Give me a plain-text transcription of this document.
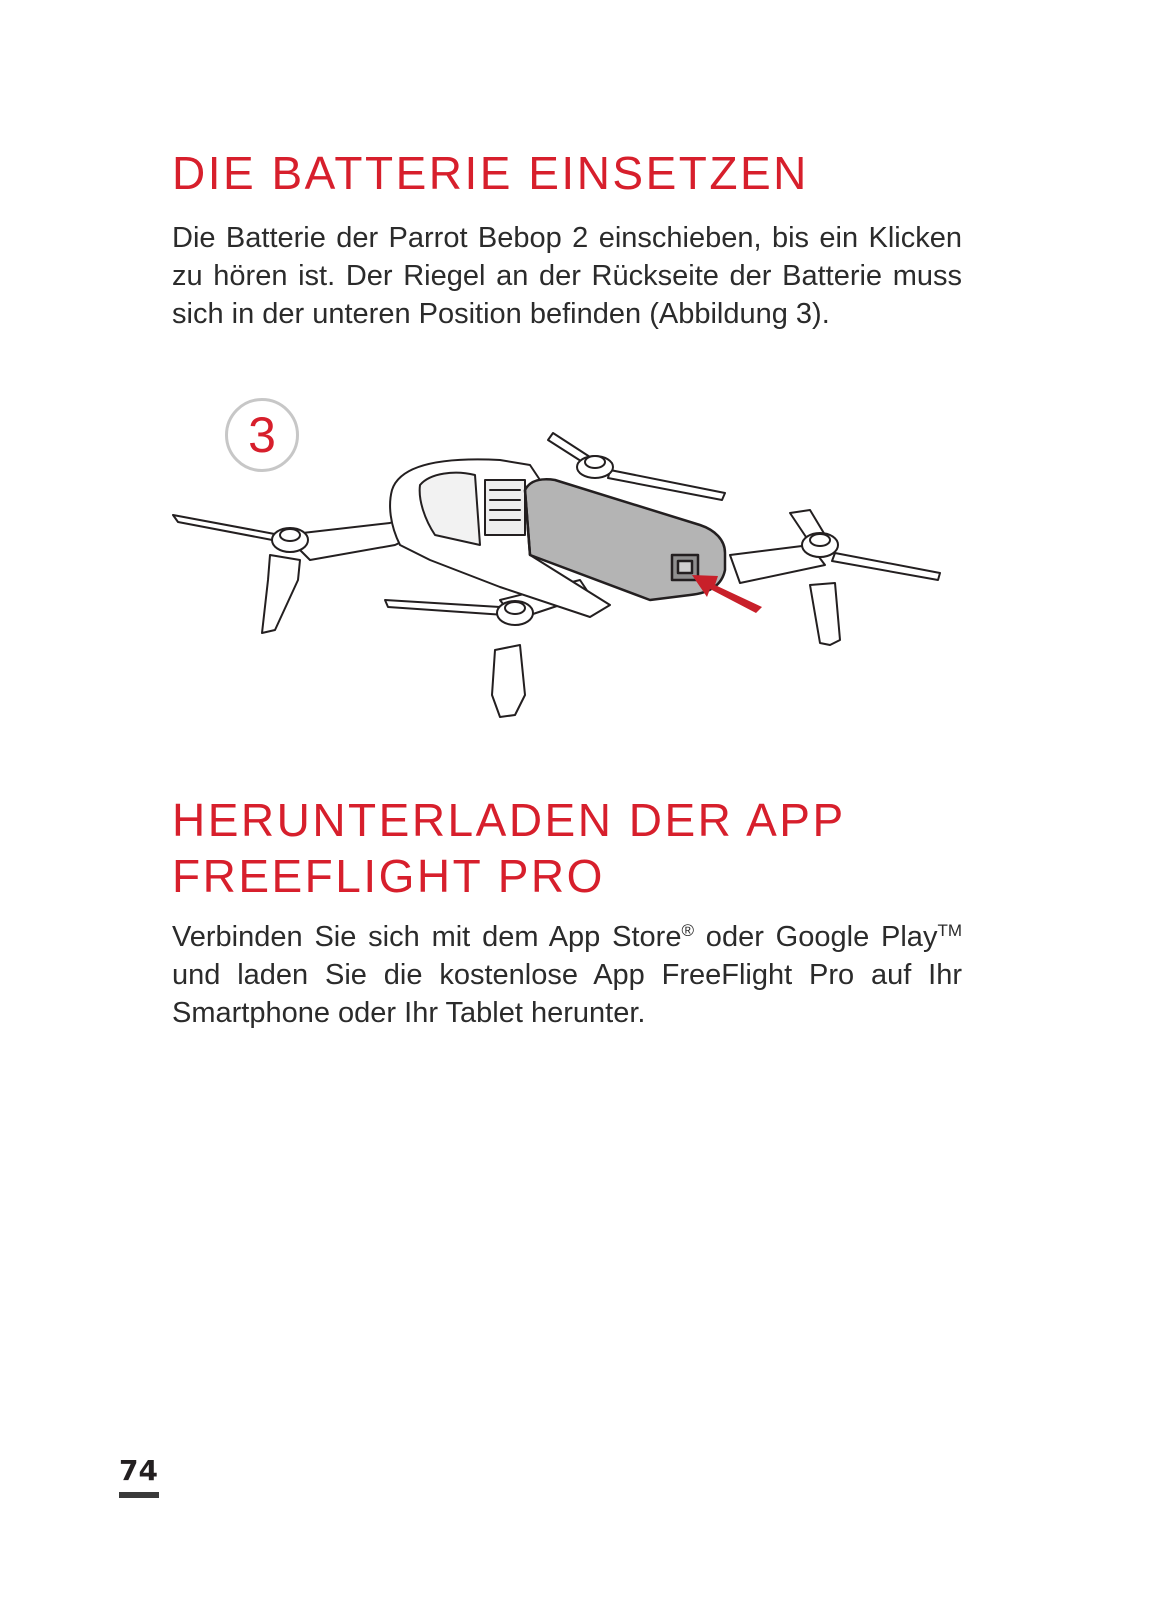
DIE BATTERIE EINSETZEN

Die Batterie der Parrot Bebop 2 einschieben, bis ein Klicken zu hören ist. Der Riegel an der Rückseite der Batterie muss sich in der unteren Position befinden (Abbildung 3).

3
HERUNTERLADEN DER APP
FREEFLIGHT PRO

Verbinden Sie sich mit dem App Store® oder Google Play™ und laden Sie die kostenlose App FreeFlight Pro auf Ihr Smartphone oder Ihr Tablet herunter.

74
